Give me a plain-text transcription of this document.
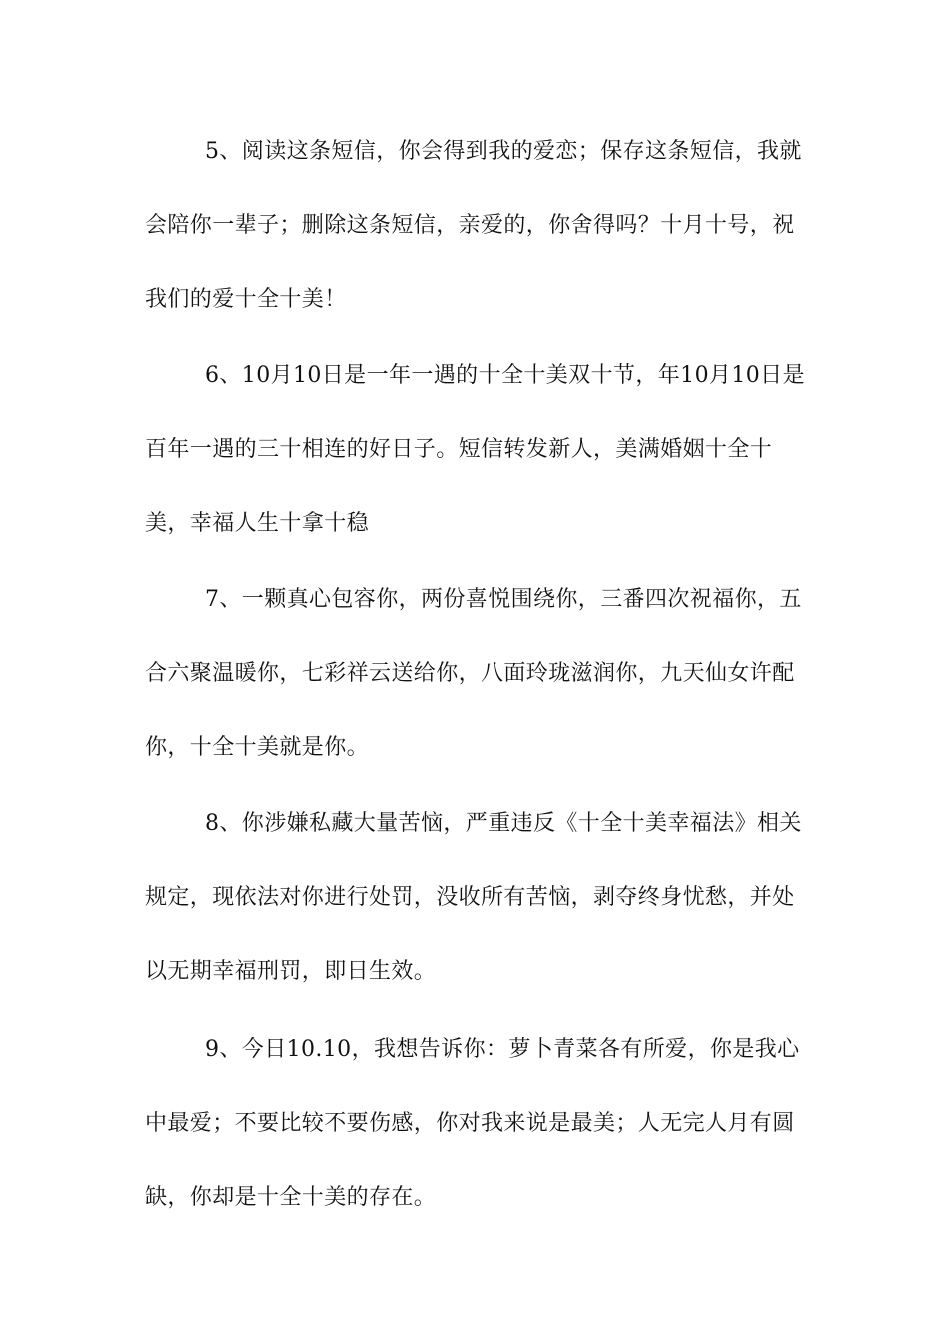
5、阅读这条短信，你会得到我的爱恋；保存这条短信，我就会陪你一辈子；删除这条短信，亲爱的，你舍得吗？十月十号，祝我们的爱十全十美！

6、10月10日是一年一遇的十全十美双十节，年10月10日是百年一遇的三十相连的好日子。短信转发新人，美满婚姻十全十美，幸福人生十拿十稳

7、一颗真心包容你，两份喜悦围绕你，三番四次祝福你，五合六聚温暖你，七彩祥云送给你，八面玲珑滋润你，九天仙女许配你，十全十美就是你。

8、你涉嫌私藏大量苦恼，严重违反《十全十美幸福法》相关规定，现依法对你进行处罚，没收所有苦恼，剥夺终身忧愁，并处以无期幸福刑罚，即日生效。

9、今日10.10，我想告诉你：萝卜青菜各有所爱，你是我心中最爱；不要比较不要伤感，你对我来说是最美；人无完人月有圆缺，你却是十全十美的存在。
